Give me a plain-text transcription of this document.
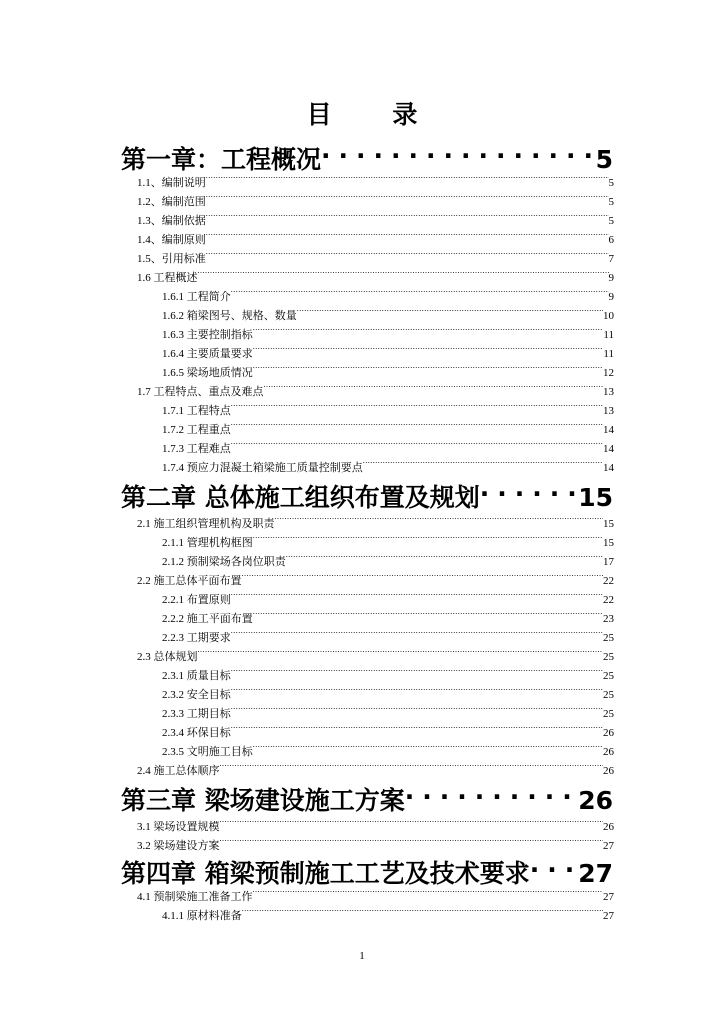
目 录
第一章：工程概况 .....	5
1.1、编制说明 .....	5
1.2、编制范围 .....	5
1.3、编制依据 .....	5
1.4、编制原则 .....	6
1.5、引用标准 .....	7
1.6 工程概述 .....	9
1.6.1 工程简介 .....	9
1.6.2 箱梁图号、规格、数量 .....	10
1.6.3 主要控制指标 .....	11
1.6.4 主要质量要求 .....	11
1.6.5 梁场地质情况 .....	12
1.7 工程特点、重点及难点 .....	13
1.7.1 工程特点 .....	13
1.7.2 工程重点 .....	14
1.7.3 工程难点 .....	14
1.7.4 预应力混凝土箱梁施工质量控制要点 .....	14
第二章 总体施工组织布置及规划 .....	15
2.1 施工组织管理机构及职责 .....	15
2.1.1 管理机构框图 .....	15
2.1.2 预制梁场各岗位职责 .....	17
2.2 施工总体平面布置 .....	22
2.2.1 布置原则 .....	22
2.2.2 施工平面布置 .....	23
2.2.3 工期要求 .....	25
2.3 总体规划 .....	25
2.3.1 质量目标 .....	25
2.3.2 安全目标 .....	25
2.3.3 工期目标 .....	25
2.3.4 环保目标 .....	26
2.3.5 文明施工目标 .....	26
2.4 施工总体顺序 .....	26
第三章 梁场建设施工方案 .....	26
3.1 梁场设置规模 .....	26
3.2 梁场建设方案 .....	27
第四章 箱梁预制施工工艺及技术要求 ..... 27
4.1 预制梁施工准备工作 .....	27
4.1.1 原材料准备 .....	27
1
